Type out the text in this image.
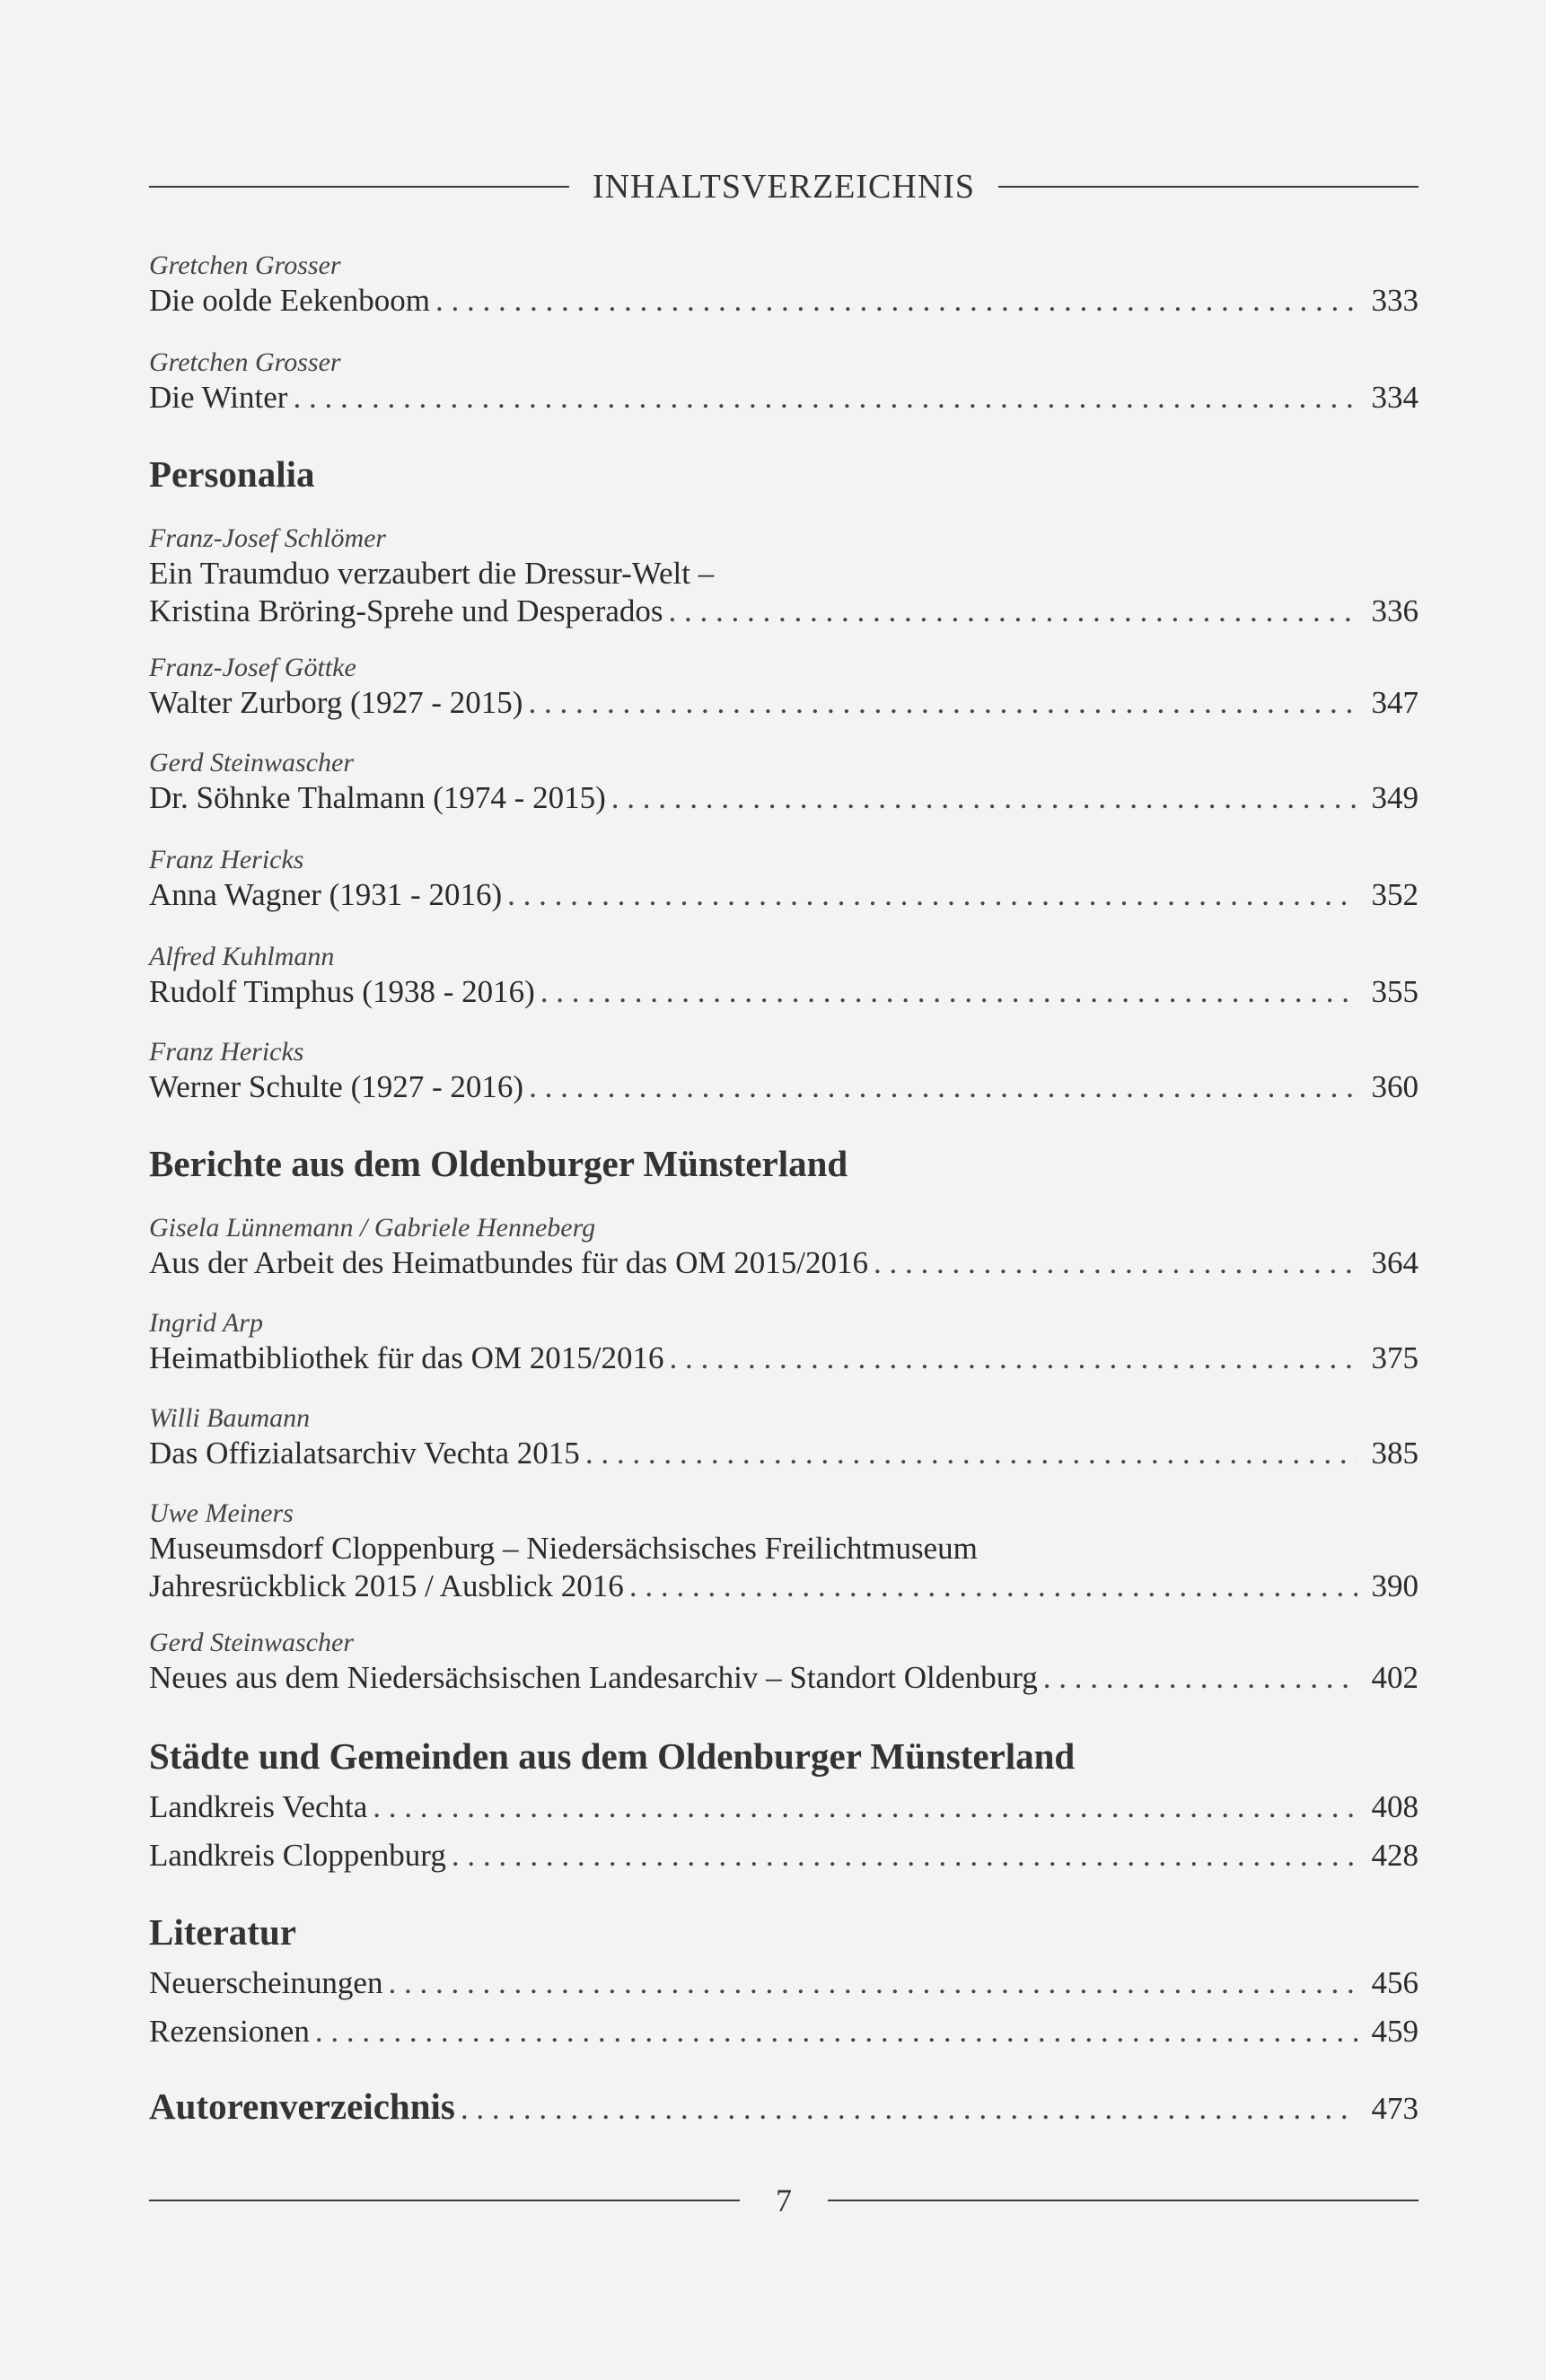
INHALTSVERZEICHNIS
Gretchen Grosser
Die oolde Eekenboom . . .	333
Gretchen Grosser
Die Winter . . .	334
Personalia
Franz-Josef Schlömer
Ein Traumduo verzaubert die Dressur-Welt –
Kristina Bröring-Sprehe und Desperados . . .	336
Franz-Josef Göttke
Walter Zurborg (1927 - 2015) . . .	347
Gerd Steinwascher
Dr. Söhnke Thalmann (1974 - 2015) . . .	349
Franz Hericks
Anna Wagner (1931 - 2016) . . .	352
Alfred Kuhlmann
Rudolf Timphus (1938 - 2016) . . .	355
Franz Hericks
Werner Schulte (1927 - 2016) . . .	360
Berichte aus dem Oldenburger Münsterland
Gisela Lünnemann / Gabriele Henneberg
Aus der Arbeit des Heimatbundes für das OM 2015/2016 . . .	364
Ingrid Arp
Heimatbibliothek für das OM 2015/2016 . . .	375
Willi Baumann
Das Offizialatsarchiv Vechta 2015 . . .	385
Uwe Meiners
Museumsdorf Cloppenburg – Niedersächsisches Freilichtmuseum
Jahresrückblick 2015 / Ausblick 2016 . . .	390
Gerd Steinwascher
Neues aus dem Niedersächsischen Landesarchiv – Standort Oldenburg . . .	402
Städte und Gemeinden aus dem Oldenburger Münsterland
Landkreis Vechta . . .	408
Landkreis Cloppenburg . . .	428
Literatur
Neuerscheinungen . . .	456
Rezensionen . . .	459
Autorenverzeichnis . . .	473
7
